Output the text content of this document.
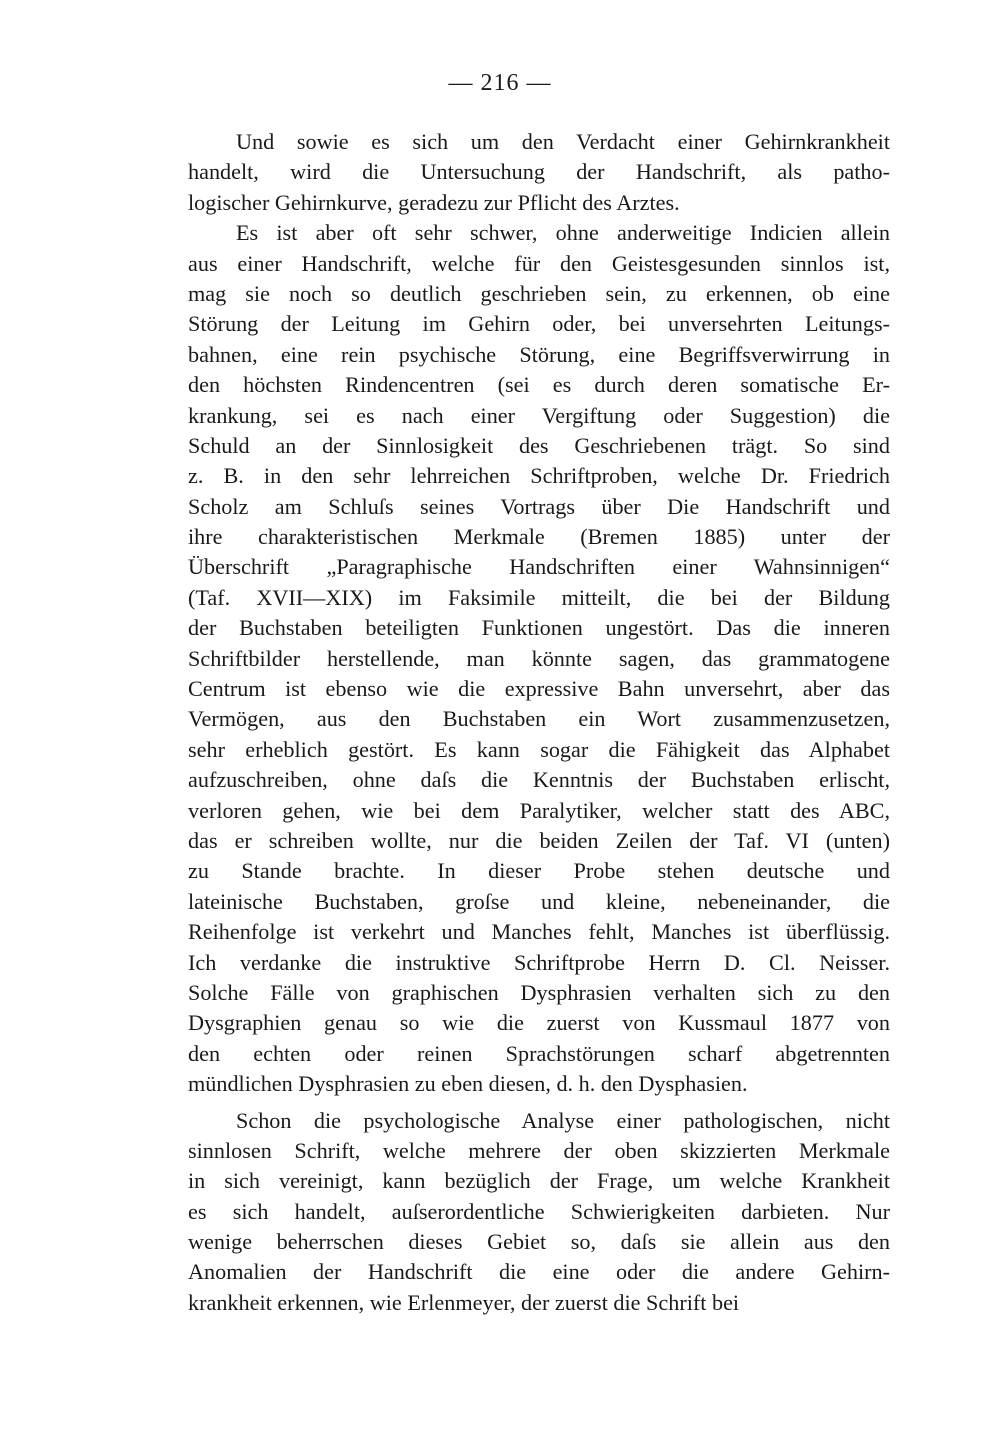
— 216 —
Und sowie es sich um den Verdacht einer Gehirnkrankheit
handelt, wird die Untersuchung der Handschrift, als patho-
logischer Gehirnkurve, geradezu zur Pflicht des Arztes.
Es ist aber oft sehr schwer, ohne anderweitige Indicien allein
aus einer Handschrift, welche für den Geistesgesunden sinnlos ist,
mag sie noch so deutlich geschrieben sein, zu erkennen, ob eine
Störung der Leitung im Gehirn oder, bei unversehrten Leitungs-
bahnen, eine rein psychische Störung, eine Begriffsverwirrung in
den höchsten Rindencentren (sei es durch deren somatische Er-
krankung, sei es nach einer Vergiftung oder Suggestion) die
Schuld an der Sinnlosigkeit des Geschriebenen trägt. So sind
z. B. in den sehr lehrreichen Schriftproben, welche Dr. Friedrich
Scholz am Schluſs seines Vortrags über Die Handschrift und
ihre charakteristischen Merkmale (Bremen 1885) unter der
Überschrift „Paragraphische Handschriften einer Wahnsinnigen“
(Taf. XVII—XIX) im Faksimile mitteilt, die bei der Bildung
der Buchstaben beteiligten Funktionen ungestört. Das die inneren
Schriftbilder herstellende, man könnte sagen, das grammatogene
Centrum ist ebenso wie die expressive Bahn unversehrt, aber das
Vermögen, aus den Buchstaben ein Wort zusammenzusetzen,
sehr erheblich gestört. Es kann sogar die Fähigkeit das Alphabet
aufzuschreiben, ohne daſs die Kenntnis der Buchstaben erlischt,
verloren gehen, wie bei dem Paralytiker, welcher statt des ABC,
das er schreiben wollte, nur die beiden Zeilen der Taf. VI (unten)
zu Stande brachte. In dieser Probe stehen deutsche und
lateinische Buchstaben, groſse und kleine, nebeneinander, die
Reihenfolge ist verkehrt und Manches fehlt, Manches ist überflüssig.
Ich verdanke die instruktive Schriftprobe Herrn D. Cl. Neisser.
Solche Fälle von graphischen Dysphrasien verhalten sich zu den
Dysgraphien genau so wie die zuerst von Kussmaul 1877 von
den echten oder reinen Sprachstörungen scharf abgetrennten
mündlichen Dysphrasien zu eben diesen, d. h. den Dysphasien.
Schon die psychologische Analyse einer pathologischen, nicht
sinnlosen Schrift, welche mehrere der oben skizzierten Merkmale
in sich vereinigt, kann bezüglich der Frage, um welche Krankheit
es sich handelt, auſserordentliche Schwierigkeiten darbieten. Nur
wenige beherrschen dieses Gebiet so, daſs sie allein aus den
Anomalien der Handschrift die eine oder die andere Gehirn-
krankheit erkennen, wie Erlenmeyer, der zuerst die Schrift bei
